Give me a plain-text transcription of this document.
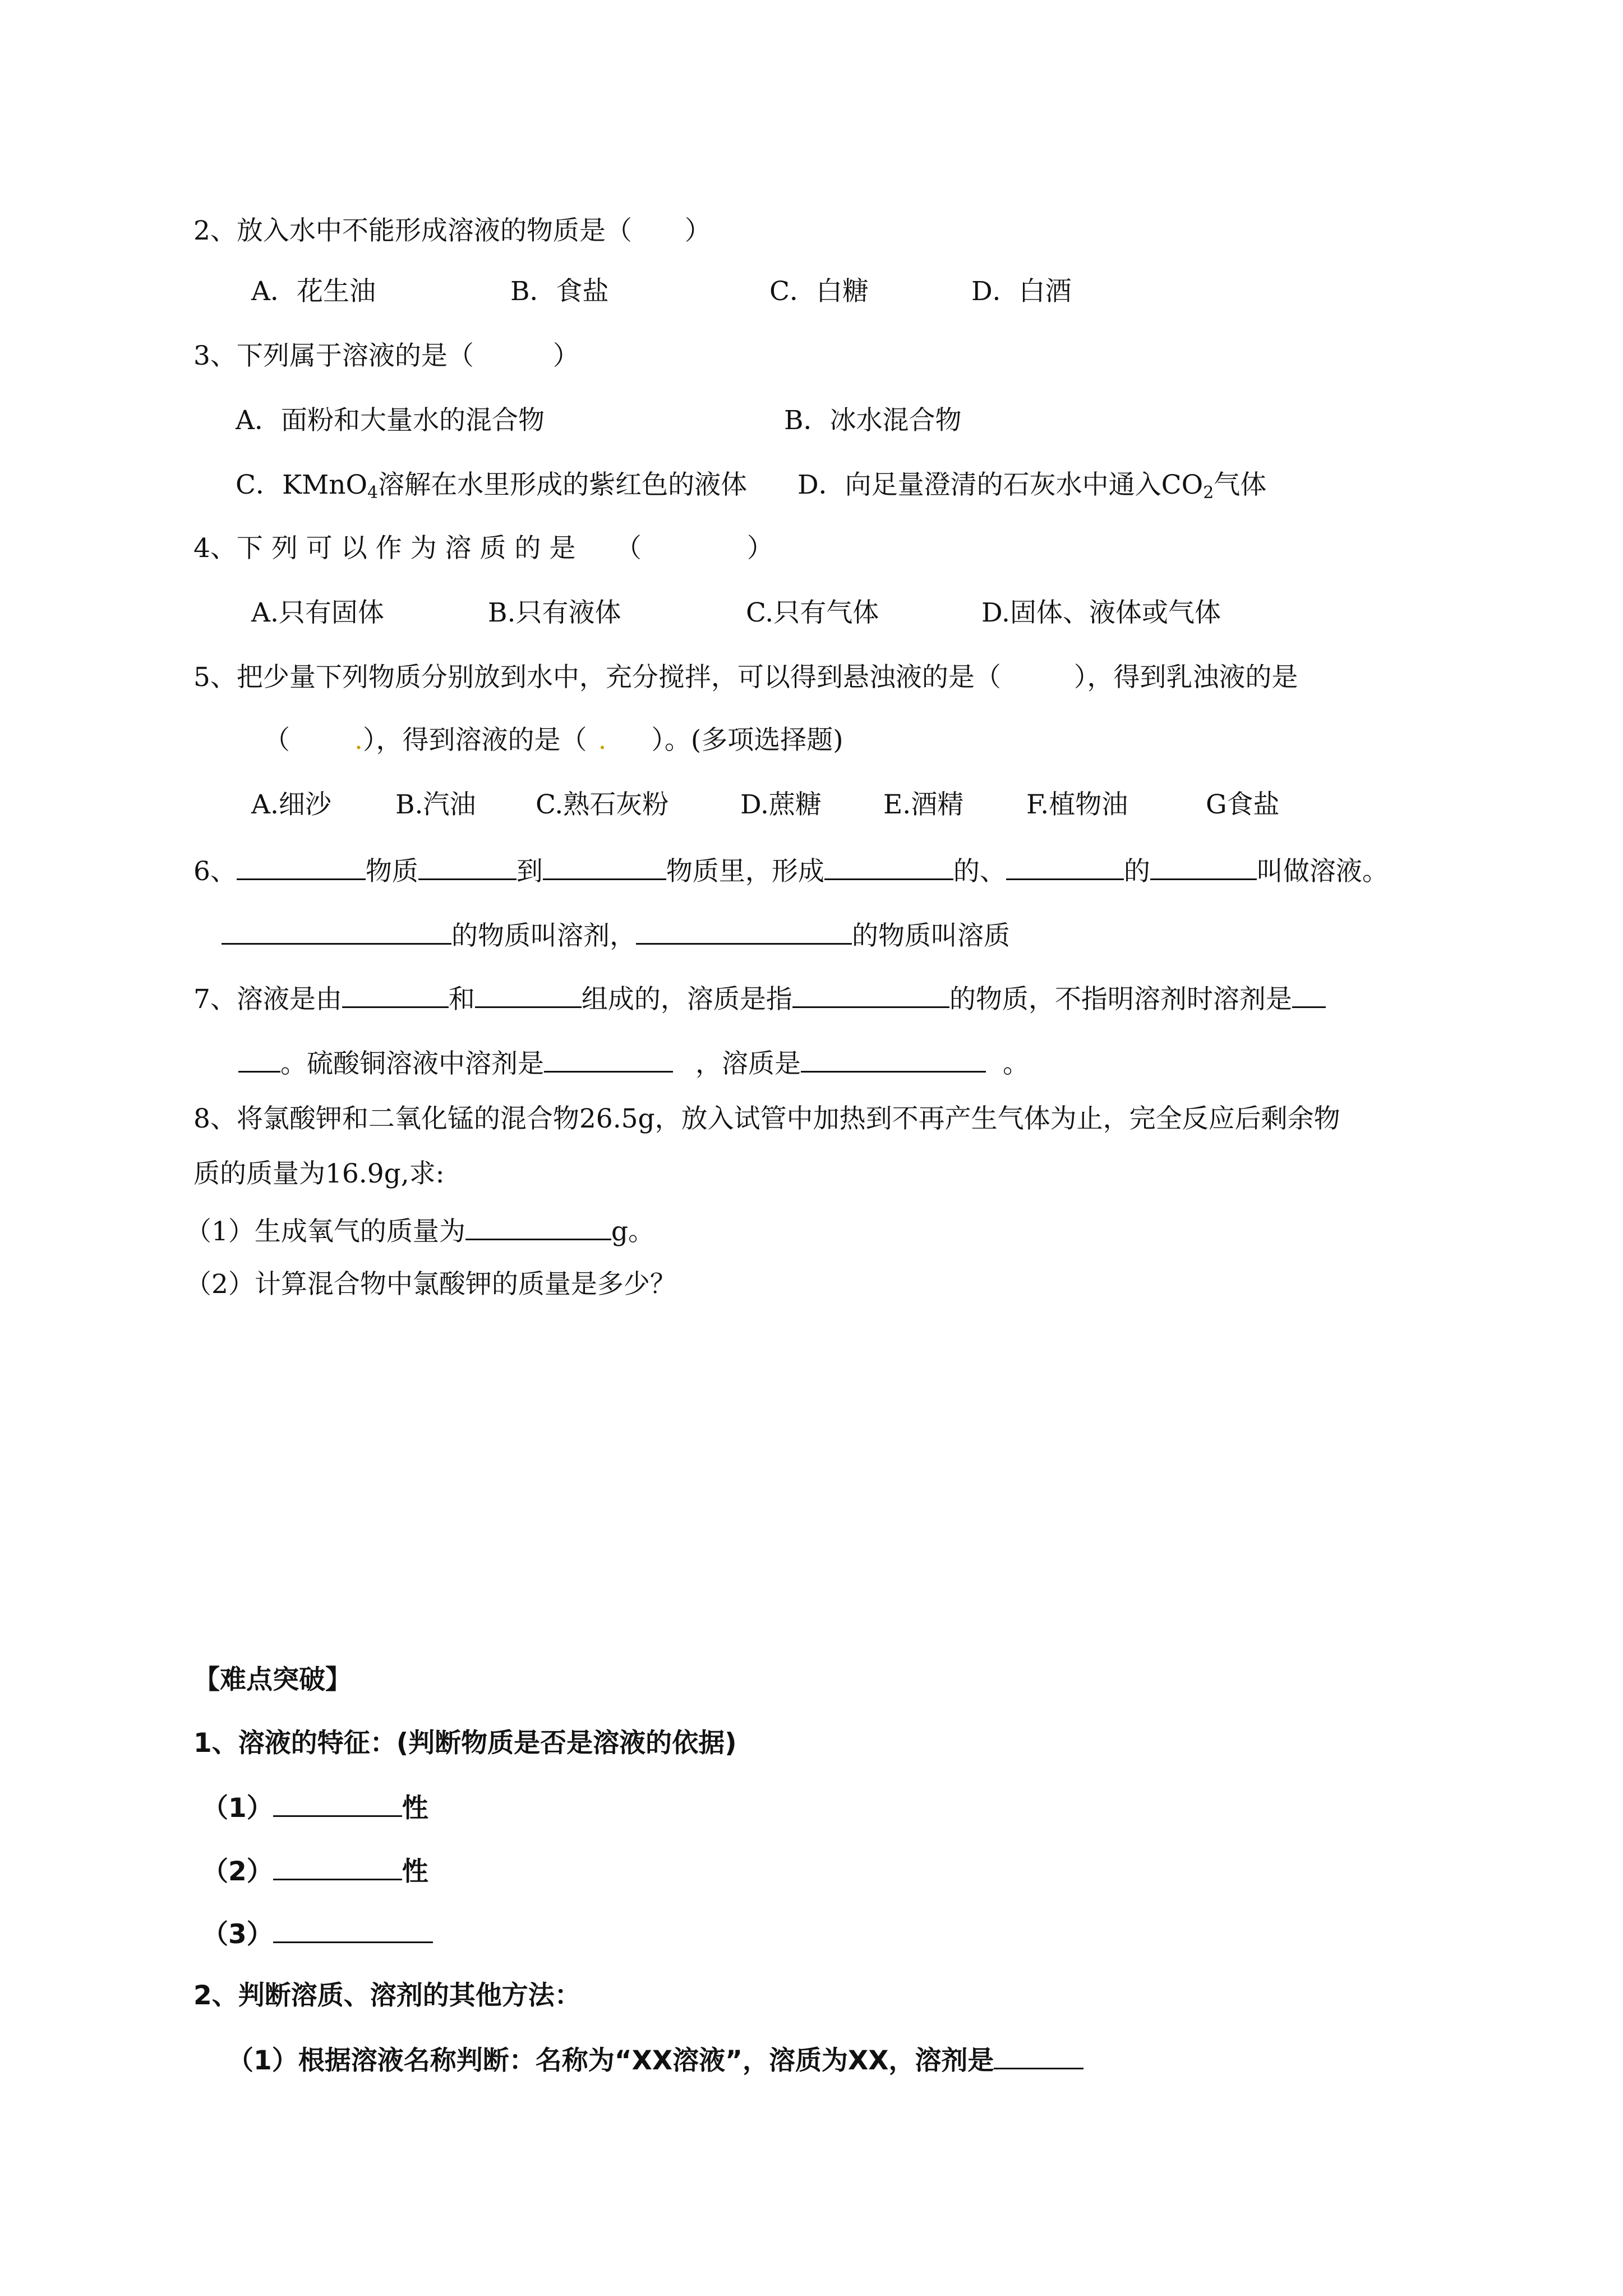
2、放入水中不能形成溶液的物质是（　　）
A．花生油	B．食盐	C．白糖	D．白酒
3、下列属于溶液的是（　　　）
A．面粉和大量水的混合物	B．冰水混合物
C．KMnO$_4$溶解在水里形成的紫红色的液体 D．向足量澄清的石灰水中通入$CO_2$气体
4、下 列 可 以 作 为 溶 质 的 是　　（　　　　）
A.只有固体	B.只有液体	C.只有气体	D.固体、液体或气体
5、把少量下列物质分别放到水中，充分搅拌，可以得到悬浊液的是（	），得到乳浊液的是
（ .），得到溶液的是（ . ）。(多项选择题)
A.细沙 B.汽油 C.熟石灰粉	D.蔗糖 E.酒精 F.植物油	G食盐
6、	物质	到	物质里，形成	的、	的	叫做溶液。
的物质叫溶剂，	的物质叫溶质
7、溶液是由	和	组成的，溶质是指	的物质，不指明溶剂时溶剂是
。硫酸铜溶液中溶剂是	，溶质是	。
8、将氯酸钾和二氧化锰的混合物26.5g，放入试管中加热到不再产生气体为止，完全反应后剩余物
质的质量为16.9g,求:
（1）生成氧气的质量为	g。
（2）计算混合物中氯酸钾的质量是多少？
【难点突破】
1、溶液的特征：(判断物质是否是溶液的依据)
（1）	性
（2）	性
（3）
2、判断溶质、溶剂的其他方法：
（1）根据溶液名称判断：名称为“XX溶液”，溶质为XX，溶剂是
